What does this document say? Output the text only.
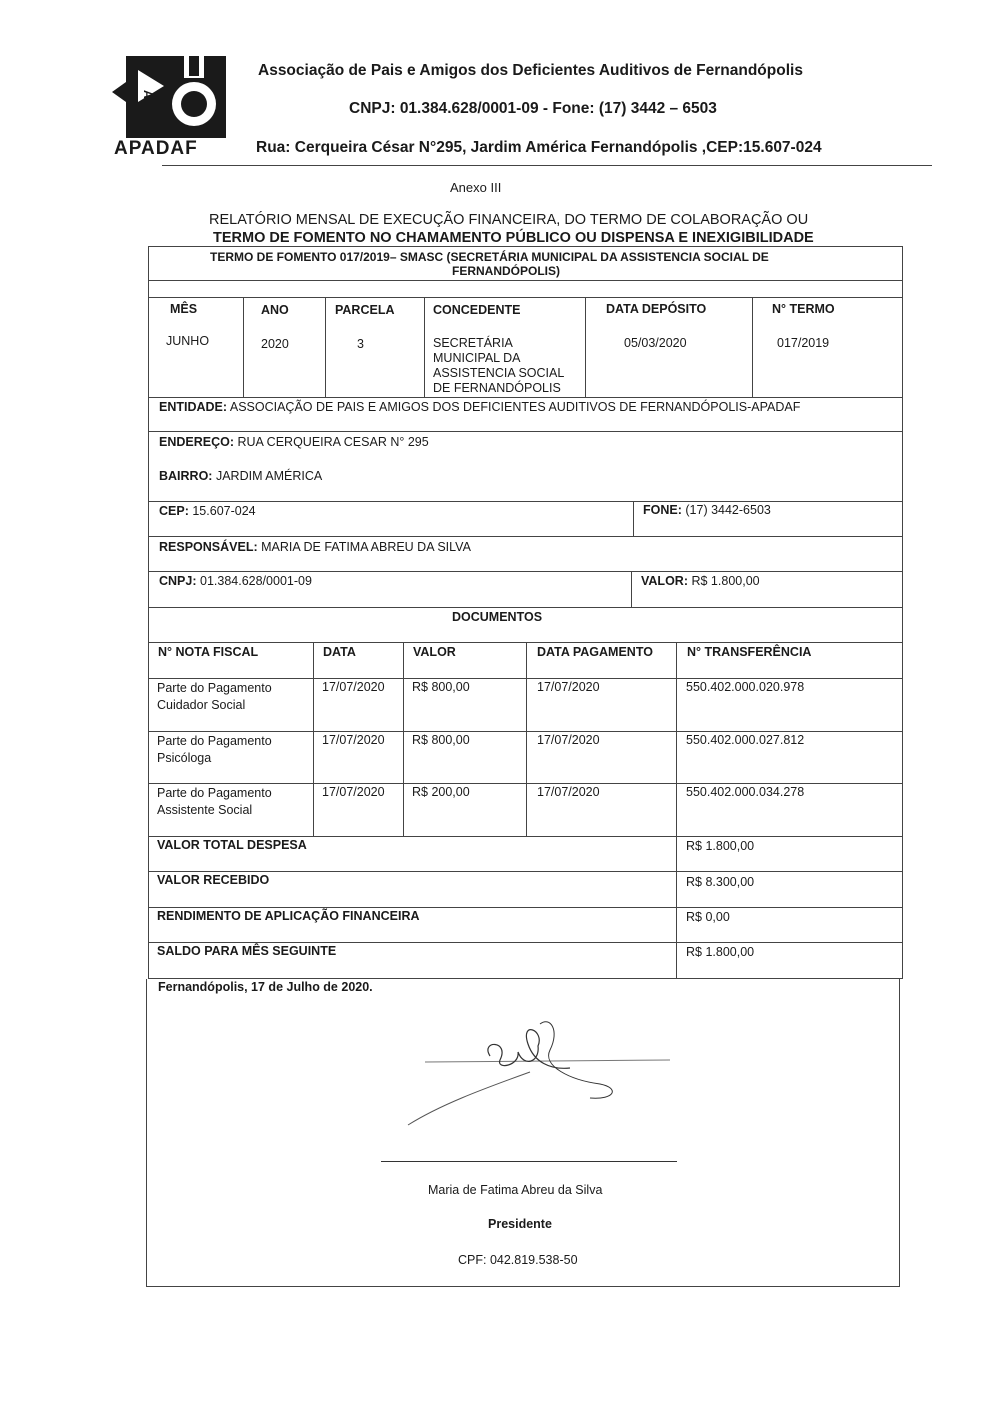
A
APADAF
Associação de Pais e Amigos dos Deficientes Auditivos de Fernandópolis
CNPJ: 01.384.628/0001-09 - Fone: (17) 3442 – 6503
Rua: Cerqueira César N°295, Jardim América Fernandópolis ,CEP:15.607-024
Anexo III
RELATÓRIO MENSAL DE EXECUÇÃO FINANCEIRA, DO TERMO DE COLABORAÇÃO OU
TERMO DE FOMENTO NO CHAMAMENTO PÚBLICO OU DISPENSA E INEXIGIBILIDADE
TERMO DE FOMENTO 017/2019– SMASC (SECRETÁRIA MUNICIPAL DA ASSISTENCIA SOCIAL DE
FERNANDÓPOLIS)
MÊS	ANO	PARCELA	CONCEDENTE	DATA DEPÓSITO	N° TERMO
JUNHO	2020	3	SECRETÁRIA
MUNICIPAL DA
ASSISTENCIA SOCIAL
DE FERNANDÓPOLIS
05/03/2020	017/2019
ENTIDADE: ASSOCIAÇÃO DE PAIS E AMIGOS DOS DEFICIENTES AUDITIVOS DE FERNANDÓPOLIS-APADAF
ENDEREÇO: RUA CERQUEIRA CESAR N° 295
BAIRRO: JARDIM AMÉRICA
CEP: 15.607-024	FONE: (17) 3442-6503
RESPONSÁVEL: MARIA DE FATIMA ABREU DA SILVA
CNPJ: 01.384.628/0001-09	VALOR: R$ 1.800,00
DOCUMENTOS
N° NOTA FISCAL	DATA	VALOR	DATA PAGAMENTO	N° TRANSFERÊNCIA
Parte do Pagamento
Cuidador Social
17/07/2020 R$ 800,00	17/07/2020	550.402.000.020.978
Parte do Pagamento
Psicóloga
17/07/2020 R$ 800,00	17/07/2020	550.402.000.027.812
Parte do Pagamento
Assistente Social
17/07/2020 R$ 200,00	17/07/2020	550.402.000.034.278
VALOR TOTAL DESPESA	R$ 1.800,00
VALOR RECEBIDO	R$ 8.300,00
RENDIMENTO DE APLICAÇÃO FINANCEIRA	R$ 0,00
SALDO PARA MÊS SEGUINTE	R$ 1.800,00
Fernandópolis, 17 de Julho de 2020.
Maria de Fatima Abreu da Silva
Presidente
CPF: 042.819.538-50
